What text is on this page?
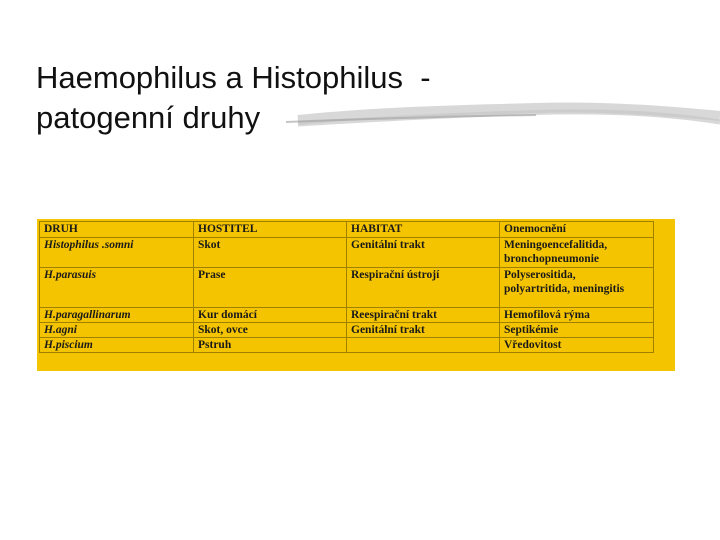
Haemophilus a Histophilus  -
patogenní druhy
DRUH	HOSTITEL	HABITAT	Onemocnění
Histophilus .somni	Skot	Genitální trakt	Meningoencefalitida,
bronchopneumonie

H.parasuis	Prase	Respirační ústrojí	Polyserositida,
polyartritida, meningitis

H.paragallinarum	Kur domácí	Reespirační trakt	Hemofilová rýma
H.agni	Skot, ovce	Genitální trakt	Septikémie
H.piscium	Pstruh		Vředovitost
